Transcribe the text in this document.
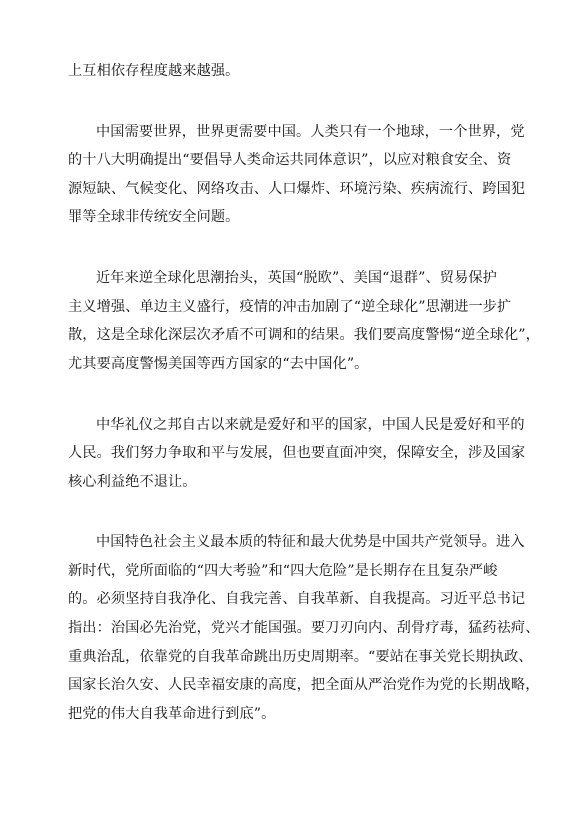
上互相依存程度越来越强。
中国需要世界，世界更需要中国。人类只有一个地球，一个世界，党
的十八大明确提出“要倡导人类命运共同体意识”，以应对粮食安全、资
源短缺、气候变化、网络攻击、人口爆炸、环境污染、疾病流行、跨国犯
罪等全球非传统安全问题。
近年来逆全球化思潮抬头，英国“脱欧”、美国“退群”、贸易保护
主义增强、单边主义盛行，疫情的冲击加剧了“逆全球化”思潮进一步扩
散，这是全球化深层次矛盾不可调和的结果。我们要高度警惕“逆全球化”，
尤其要高度警惕美国等西方国家的“去中国化”。
中华礼仪之邦自古以来就是爱好和平的国家，中国人民是爱好和平的
人民。我们努力争取和平与发展，但也要直面冲突，保障安全，涉及国家
核心利益绝不退让。
中国特色社会主义最本质的特征和最大优势是中国共产党领导。进入
新时代，党所面临的“四大考验”和“四大危险”是长期存在且复杂严峻
的。必须坚持自我净化、自我完善、自我革新、自我提高。习近平总书记
指出：治国必先治党，党兴才能国强。要刀刃向内、刮骨疗毒，猛药祛疴、
重典治乱，依靠党的自我革命跳出历史周期率。“要站在事关党长期执政、
国家长治久安、人民幸福安康的高度，把全面从严治党作为党的长期战略，
把党的伟大自我革命进行到底”。
